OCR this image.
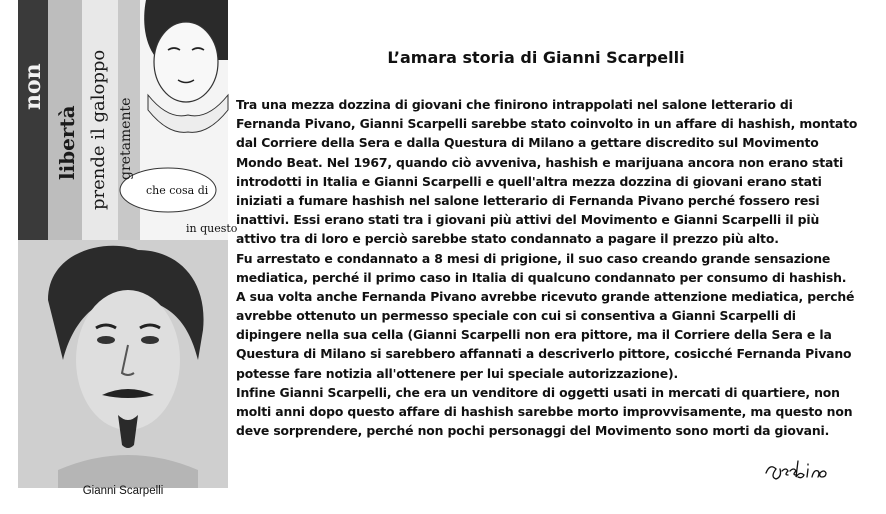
che cosa di
in questo
non
libertà prende il galoppo gretamente
Gianni Scarpelli
L’amara storia di Gianni Scarpelli
Tra una mezza dozzina di giovani che finirono intrappolati nel salone letterario di
Fernanda Pivano, Gianni Scarpelli sarebbe stato coinvolto in un affare di hashish, montato
dal Corriere della Sera e dalla Questura di Milano a gettare discredito sul Movimento
Mondo Beat. Nel 1967, quando ciò avveniva, hashish e marijuana ancora non erano stati
introdotti in Italia e Gianni Scarpelli e quell'altra mezza dozzina di giovani erano stati
iniziati a fumare hashish nel salone letterario di Fernanda Pivano perché fossero resi
inattivi. Essi erano stati tra i giovani più attivi del Movimento e Gianni Scarpelli il più
attivo tra di loro e perciò sarebbe stato condannato a pagare il prezzo più alto.
Fu arrestato e condannato a 8 mesi di prigione, il suo caso creando grande sensazione
mediatica, perché il primo caso in Italia di qualcuno condannato per consumo di hashish.
A sua volta anche Fernanda Pivano avrebbe ricevuto grande attenzione mediatica, perché
avrebbe ottenuto un permesso speciale con cui si consentiva a Gianni Scarpelli di
dipingere nella sua cella (Gianni Scarpelli non era pittore, ma il Corriere della Sera e la
Questura di Milano si sarebbero affannati a descriverlo pittore, cosicché Fernanda Pivano
potesse fare notizia all'ottenere per lui speciale autorizzazione).
Infine Gianni Scarpelli, che era un venditore di oggetti usati in mercati di quartiere, non
molti anni dopo questo affare di hashish sarebbe morto improvvisamente, ma questo non
deve sorprendere, perché non pochi personaggi del Movimento sono morti da giovani.
